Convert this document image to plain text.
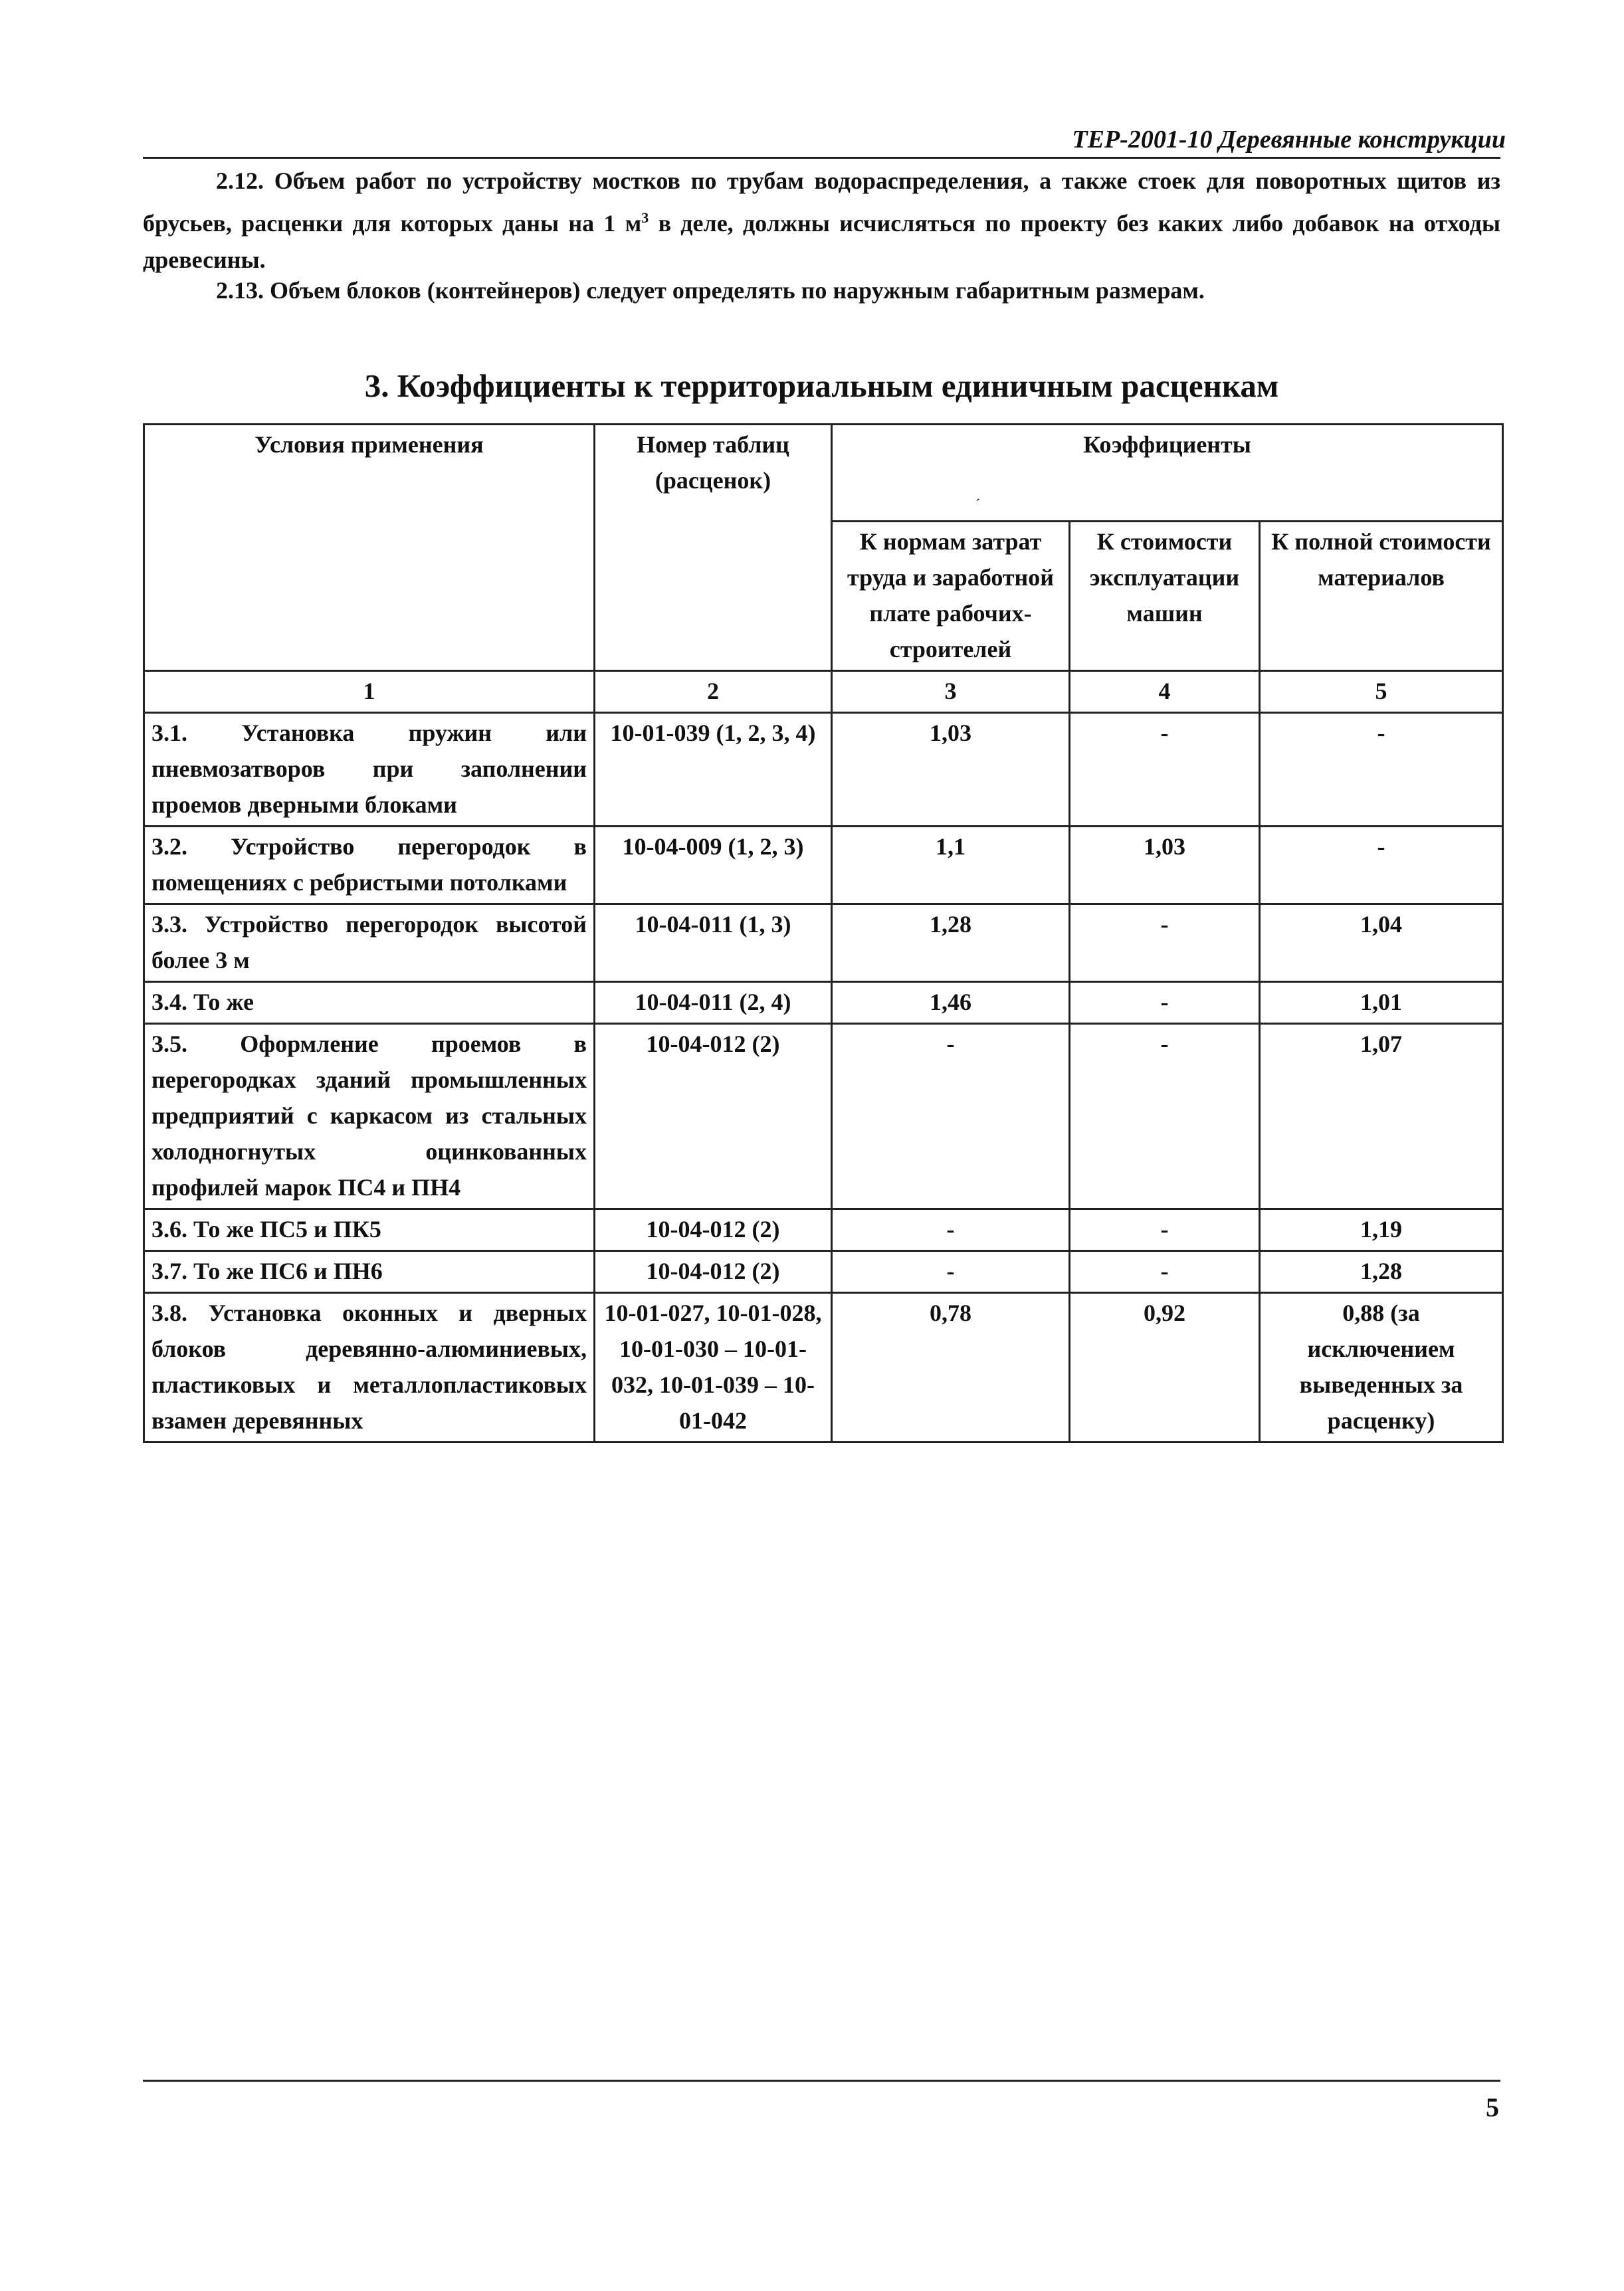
ТЕР-2001-10 Деревянные конструкции

2.12. Объем работ по устройству мостков по трубам водораспределения, а также стоек для поворотных щитов из брусьев, расценки для которых даны на 1 $м^3$ в деле, должны исчисляться по проекту без каких либо добавок на отходы древесины.

2.13. Объем блоков (контейнеров) следует определять по наружным габаритным размерам.

3. Коэффициенты к территориальным единичным расценкам
´
Условия применения	Номер таблиц (расценок)	Коэффициенты		
		К нормам затрат труда и заработной плате рабочих-строителей	К стоимости эксплуатации машин	К полной стоимости материалов
1	2	3	4	5
3.1. Установка пружин или пневмозатворов при заполнении проемов дверными блоками	10-01-039 (1, 2, 3, 4)	1,03	-	-
3.2. Устройство перегородок в помещениях с ребристыми потолками	10-04-009 (1, 2, 3)	1,1	1,03	-
3.3. Устройство перегородок высотой более 3 м	10-04-011 (1, 3)	1,28	-	1,04
3.4. То же	10-04-011 (2, 4)	1,46	-	1,01
3.5. Оформление проемов в перегородках зданий промышленных предприятий с каркасом из стальных холодногнутых оцинкованных профилей марок ПС4 и ПН4	10-04-012 (2)	-	-	1,07
3.6. То же ПС5 и ПК5	10-04-012 (2)	-	-	1,19
3.7. То же ПС6 и ПН6	10-04-012 (2)	-	-	1,28
3.8. Установка оконных и дверных блоков деревянно-алюминиевых, пластиковых и металлопластиковых взамен деревянных	10-01-027, 10-01-028, 10-01-030 – 10-01-032, 10-01-039 – 10-01-042	0,78	0,92	0,88 (за исключением выведенных за расценку)
5
